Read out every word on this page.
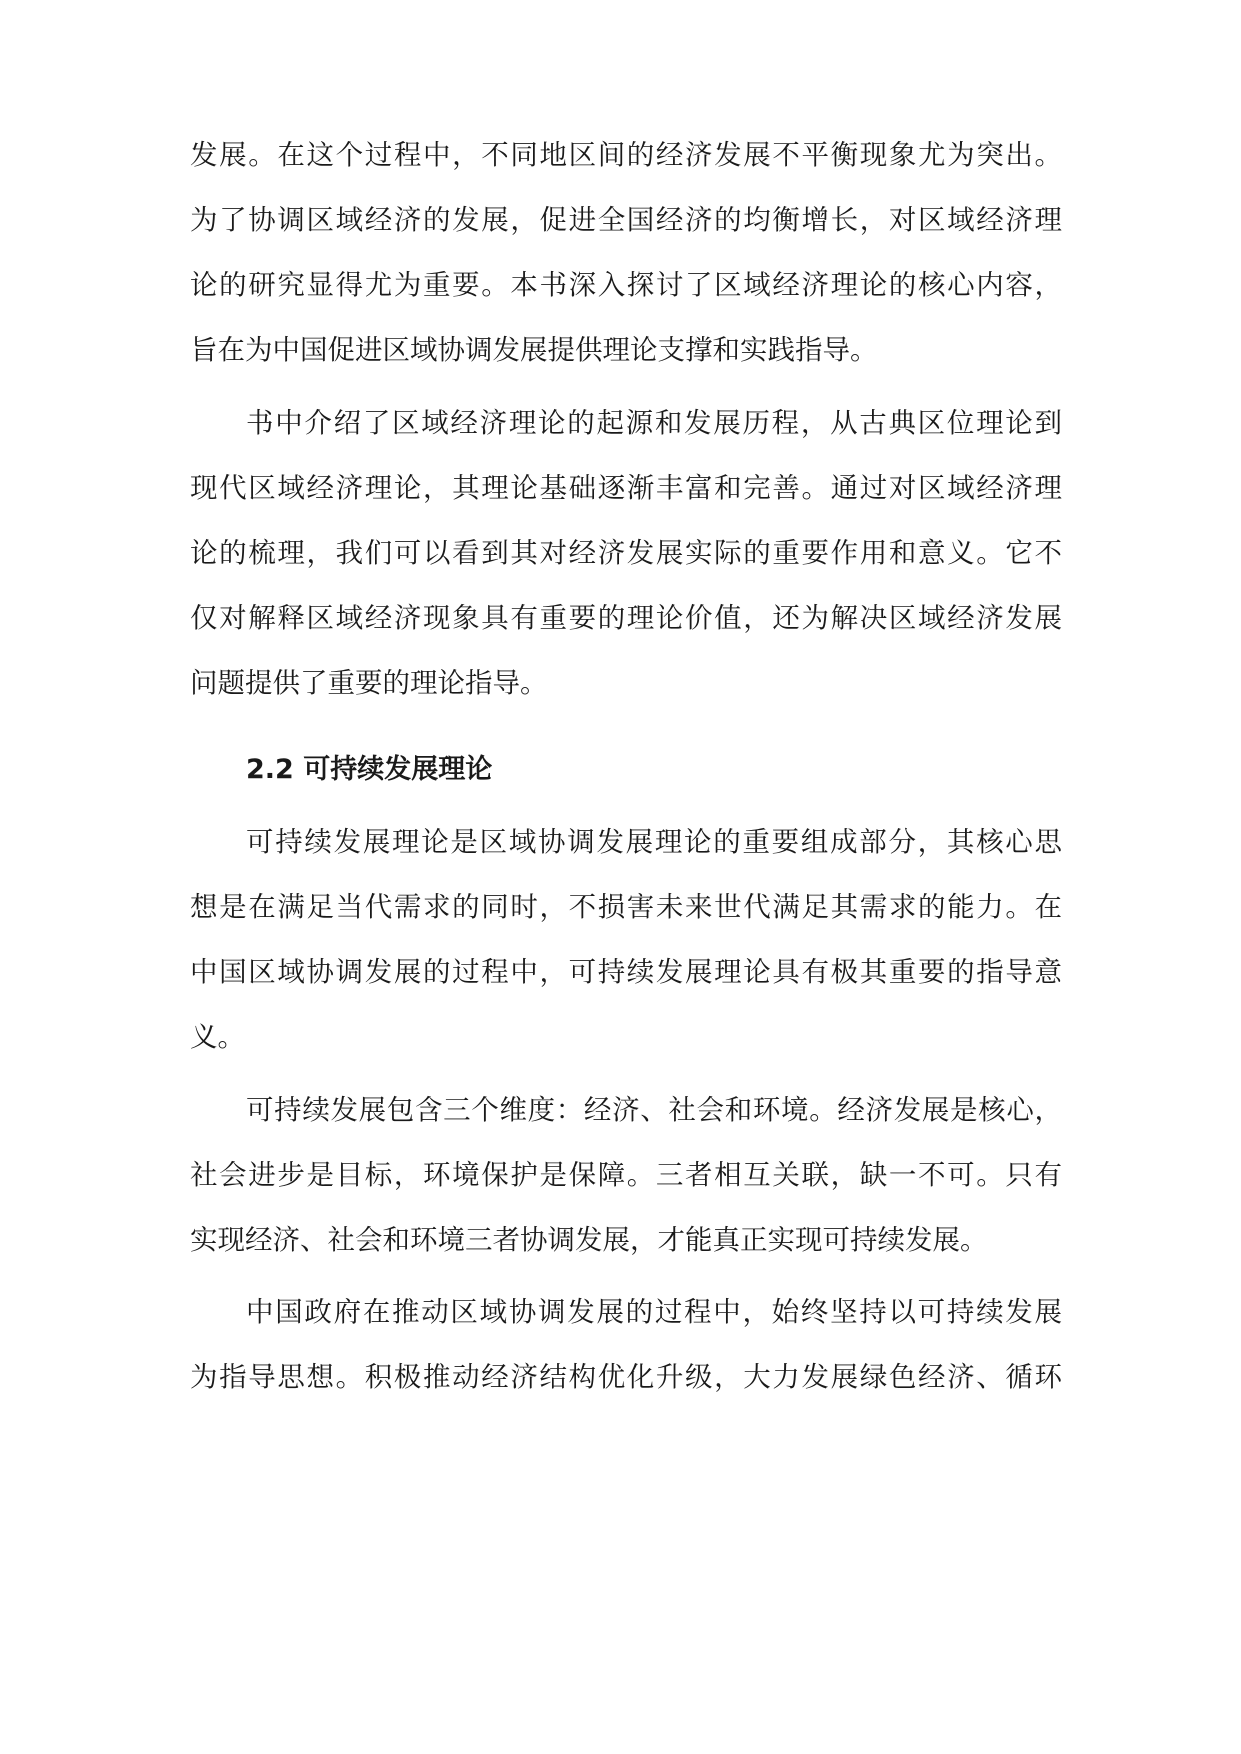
发展。在这个过程中，不同地区间的经济发展不平衡现象尤为突出。
为了协调区域经济的发展，促进全国经济的均衡增长，对区域经济理
论的研究显得尤为重要。本书深入探讨了区域经济理论的核心内容，
旨在为中国促进区域协调发展提供理论支撑和实践指导。
书中介绍了区域经济理论的起源和发展历程，从古典区位理论到
现代区域经济理论，其理论基础逐渐丰富和完善。通过对区域经济理
论的梳理，我们可以看到其对经济发展实际的重要作用和意义。它不
仅对解释区域经济现象具有重要的理论价值，还为解决区域经济发展
问题提供了重要的理论指导。
2.2 可持续发展理论
可持续发展理论是区域协调发展理论的重要组成部分，其核心思
想是在满足当代需求的同时，不损害未来世代满足其需求的能力。在
中国区域协调发展的过程中，可持续发展理论具有极其重要的指导意
义。
可持续发展包含三个维度：经济、社会和环境。经济发展是核心，
社会进步是目标，环境保护是保障。三者相互关联，缺一不可。只有
实现经济、社会和环境三者协调发展，才能真正实现可持续发展。
中国政府在推动区域协调发展的过程中，始终坚持以可持续发展
为指导思想。积极推动经济结构优化升级，大力发展绿色经济、循环
